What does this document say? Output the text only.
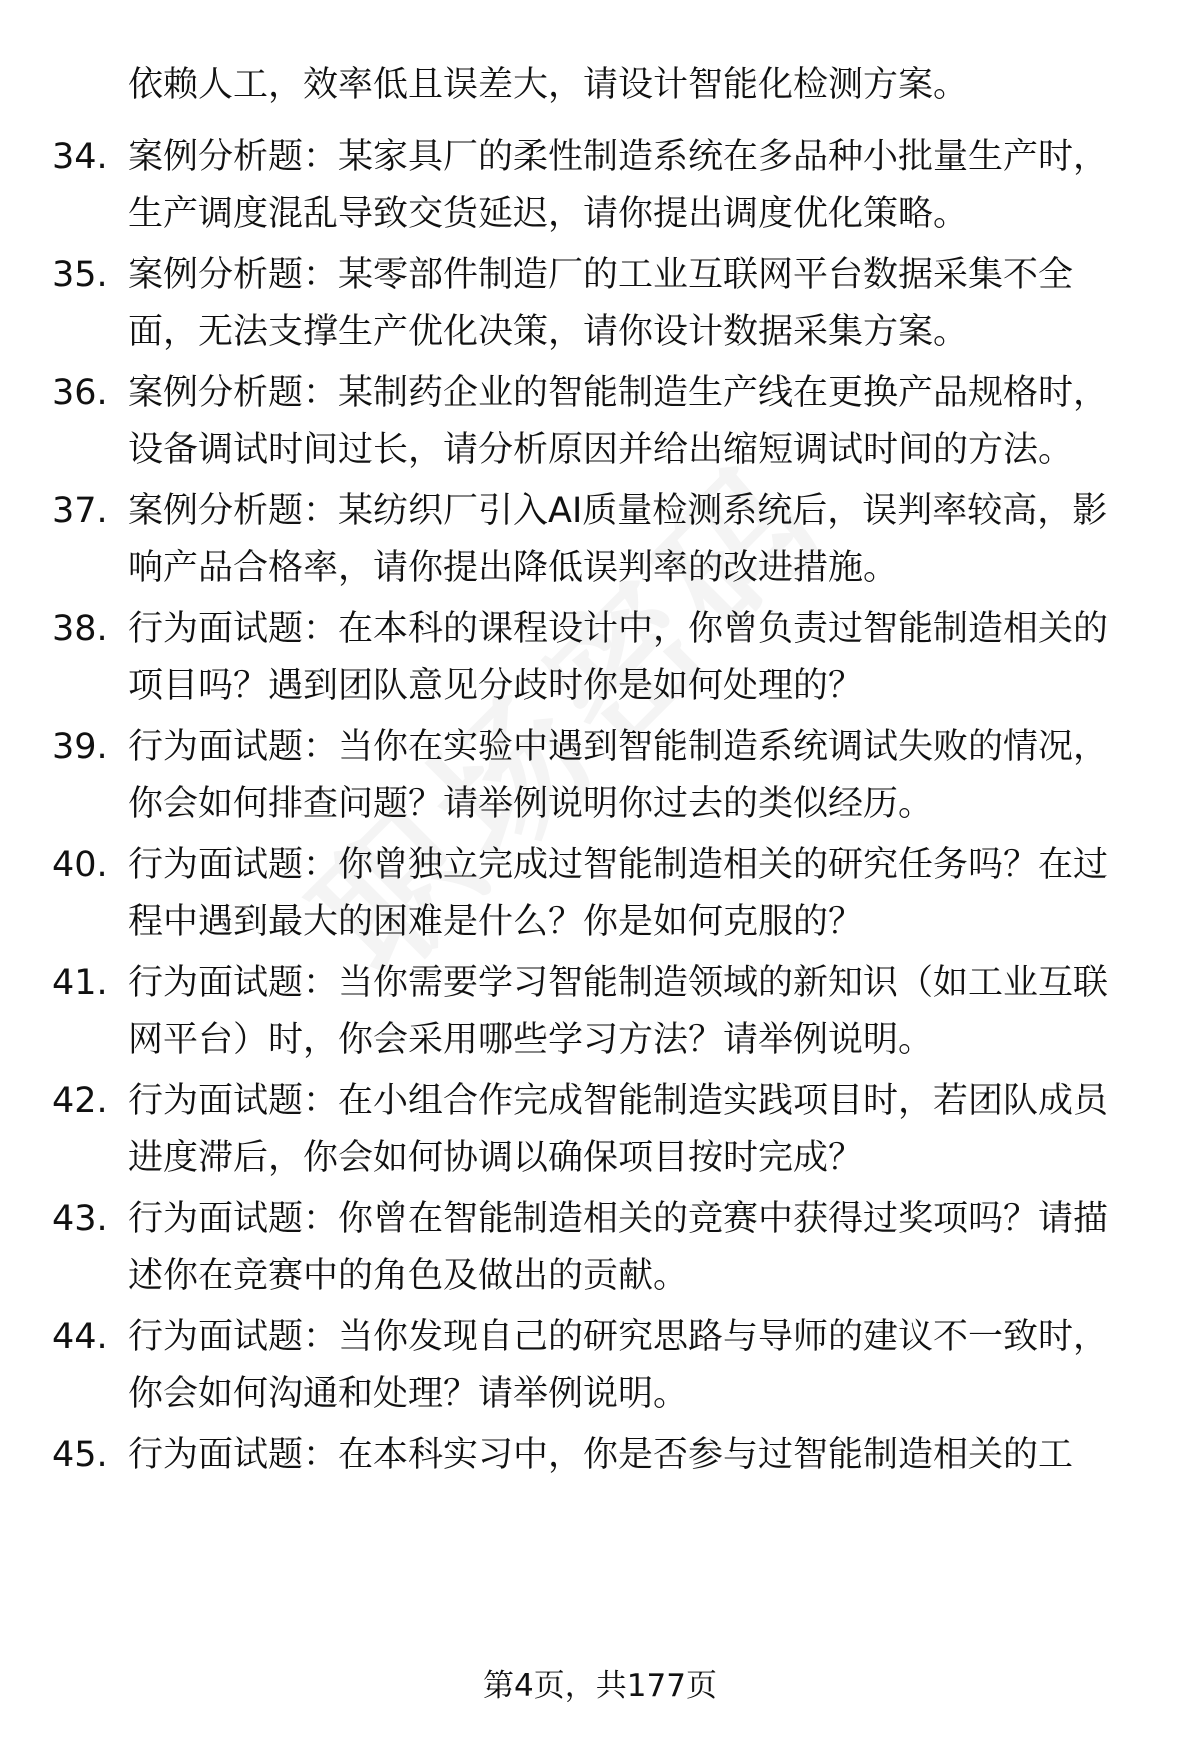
依赖人工，效率低且误差大，请设计智能化检测方案。
34. 案例分析题：某家具厂的柔性制造系统在多品种小批量生产时，
生产调度混乱导致交货延迟，请你提出调度优化策略。
35. 案例分析题：某零部件制造厂的工业互联网平台数据采集不全
面，无法支撑生产优化决策，请你设计数据采集方案。
36. 案例分析题：某制药企业的智能制造生产线在更换产品规格时，
设备调试时间过长，请分析原因并给出缩短调试时间的方法。
37. 案例分析题：某纺织厂引入AI质量检测系统后，误判率较高，影
响产品合格率，请你提出降低误判率的改进措施。
38. 行为面试题：在本科的课程设计中，你曾负责过智能制造相关的
项目吗？遇到团队意见分歧时你是如何处理的？
39. 行为面试题：当你在实验中遇到智能制造系统调试失败的情况，
你会如何排查问题？请举例说明你过去的类似经历。
40. 行为面试题：你曾独立完成过智能制造相关的研究任务吗？在过
程中遇到最大的困难是什么？你是如何克服的？
41. 行为面试题：当你需要学习智能制造领域的新知识（如工业互联
网平台）时，你会采用哪些学习方法？请举例说明。
42. 行为面试题：在小组合作完成智能制造实践项目时，若团队成员
进度滞后，你会如何协调以确保项目按时完成？
43. 行为面试题：你曾在智能制造相关的竞赛中获得过奖项吗？请描
述你在竞赛中的角色及做出的贡献。
44. 行为面试题：当你发现自己的研究思路与导师的建议不一致时，
你会如何沟通和处理？请举例说明。
45. 行为面试题：在本科实习中，你是否参与过智能制造相关的工
第4页，共177页
